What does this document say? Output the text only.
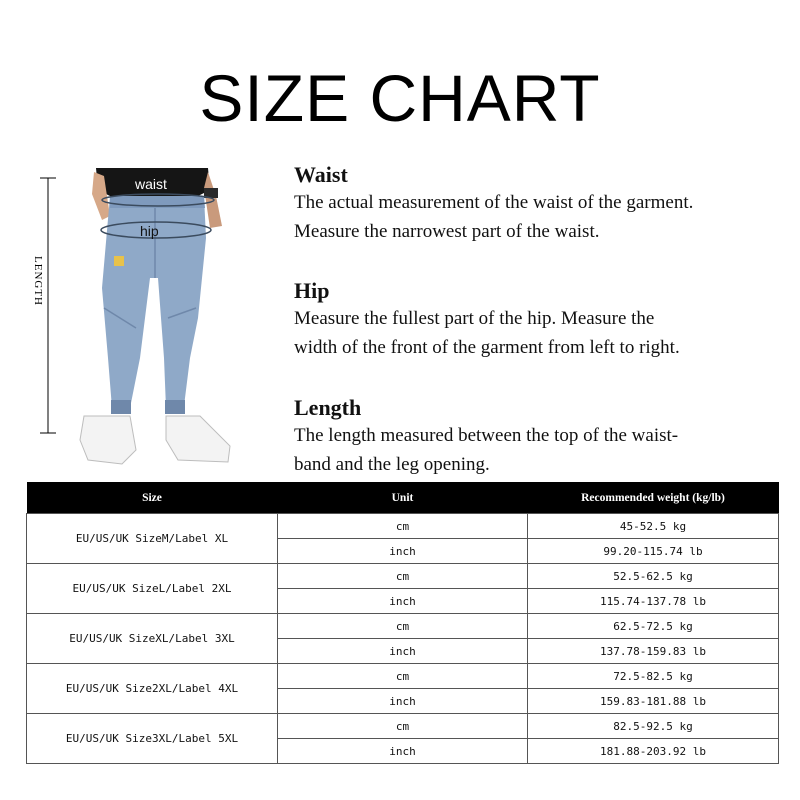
SIZE CHART
LENGTH
waist
hip
Waist

The actual measurement of the waist of the garment.

Measure the narrowest part of the waist.

Hip

Measure the fullest part of the hip. Measure the

width of the front of the garment from left to right.

Length

The length measured between the top of the waist-

band and the leg opening.

Size	Unit	Recommended weight (kg/lb)
EU/US/UK SizeM/Label XL	cm	45-52.5 kg
	inch	99.20-115.74 lb
EU/US/UK SizeL/Label 2XL	cm	52.5-62.5 kg
	inch	115.74-137.78 lb
EU/US/UK SizeXL/Label 3XL	cm	62.5-72.5 kg
	inch	137.78-159.83 lb
EU/US/UK Size2XL/Label 4XL	cm	72.5-82.5 kg
	inch	159.83-181.88 lb
EU/US/UK Size3XL/Label 5XL	cm	82.5-92.5 kg
	inch	181.88-203.92 lb
